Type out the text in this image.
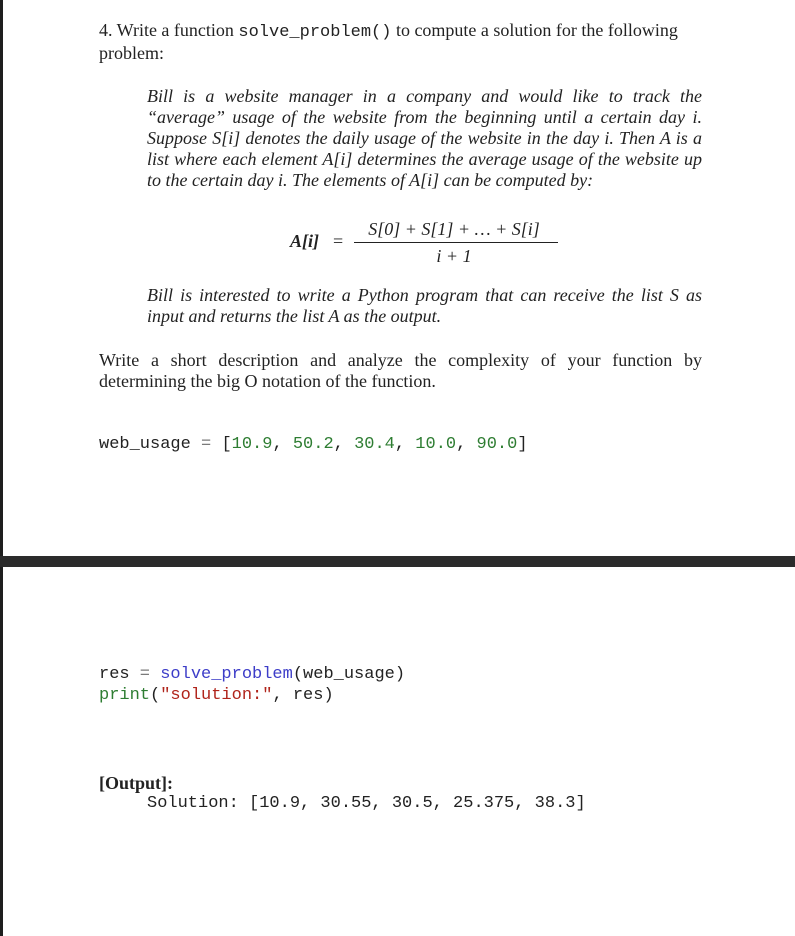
4. Write a function solve_problem() to compute a solution for the following problem:
Bill is a website manager in a company and would like to track the “average” usage of the website from the beginning until a certain day i. Suppose S[i] denotes the daily usage of the website in the day i. Then A is a list where each element A[i] determines the average usage of the website up to the certain day i. The elements of A[i] can be computed by:
A[i] =
S[0] + S[1] + … + S[i]
i + 1
Bill is interested to write a Python program that can receive the list S as input and returns the list A as the output.
Write a short description and analyze the complexity of your function by determining the big O notation of the function.
web_usage = [10.9, 50.2, 30.4, 10.0, 90.0]
res = solve_problem(web_usage)
print("solution:", res)
[Output]:
Solution: [10.9, 30.55, 30.5, 25.375, 38.3]
